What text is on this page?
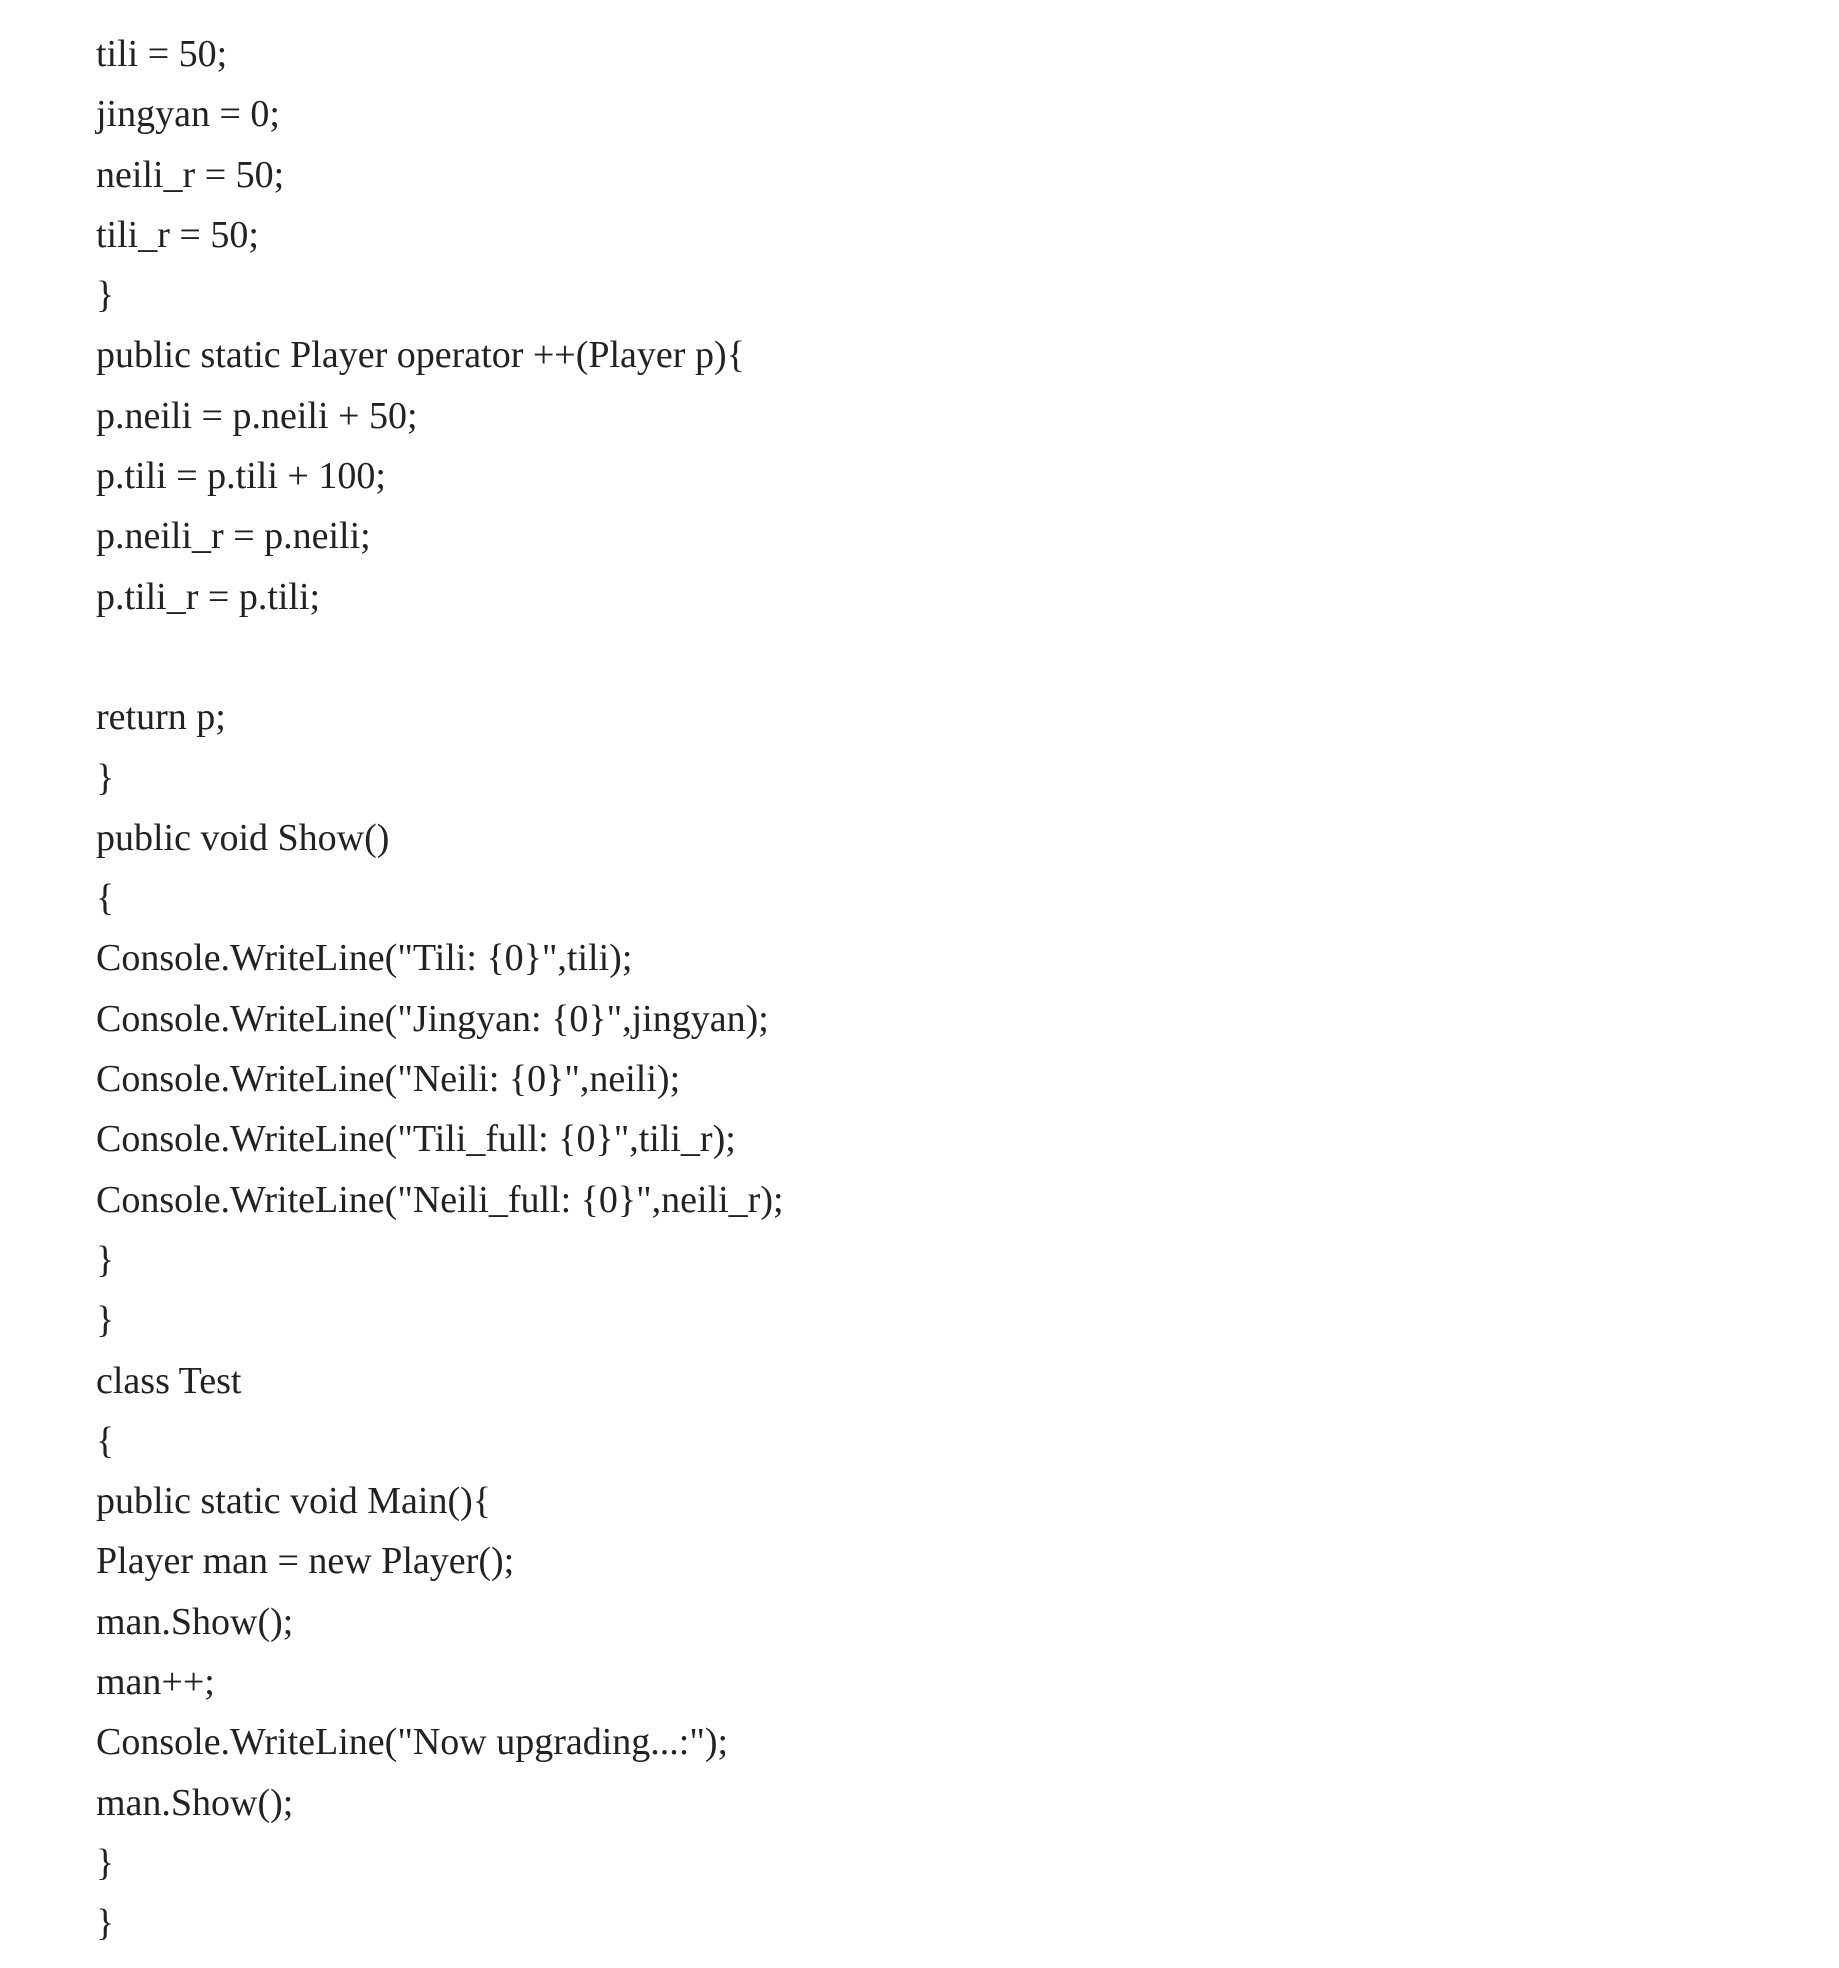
tili = 50;
jingyan = 0;
neili_r = 50;
tili_r = 50;
}
public static Player operator ++(Player p){
p.neili = p.neili + 50;
p.tili = p.tili + 100;
p.neili_r = p.neili;
p.tili_r = p.tili;
return p;
}
public void Show()
{
Console.WriteLine("Tili: {0}",tili);
Console.WriteLine("Jingyan: {0}",jingyan);
Console.WriteLine("Neili: {0}",neili);
Console.WriteLine("Tili_full: {0}",tili_r);
Console.WriteLine("Neili_full: {0}",neili_r);
}
}
class Test
{
public static void Main(){
Player man = new Player();
man.Show();
man++;
Console.WriteLine("Now upgrading...:");
man.Show();
}
}
